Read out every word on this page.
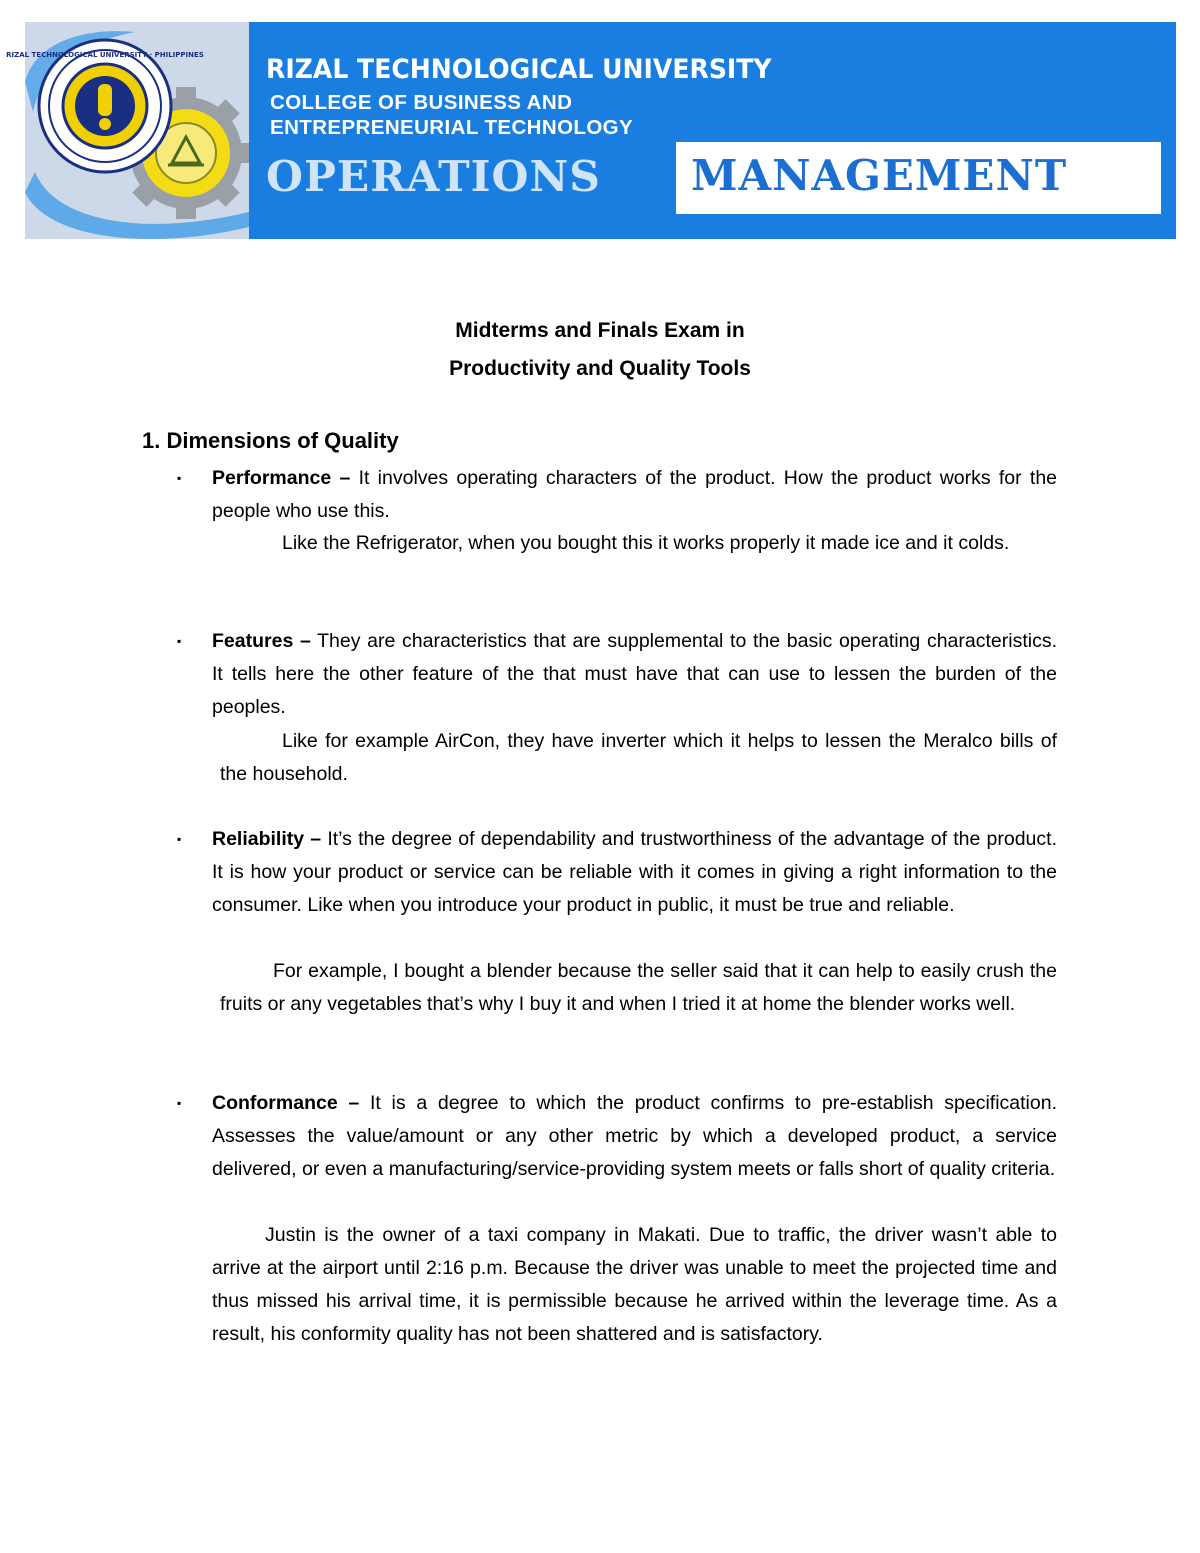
RIZAL TECHNOLOGICAL UNIVERSITY · PHILIPPINES RIZAL TECHNOLOGICAL UNIVERSITY
COLLEGE OF BUSINESS AND
ENTREPRENEURIAL TECHNOLOGY
OPERATIONS MANAGEMENT
Midterms and Finals Exam in
Productivity and Quality Tools
1. Dimensions of Quality
▪ Performance – It involves operating characters of the product. How the product works for the people who use this.
Like the Refrigerator, when you bought this it works properly it made ice and it colds.
▪ Features – They are characteristics that are supplemental to the basic operating characteristics. It tells here the other feature of the that must have that can use to lessen the burden of the peoples.
Like for example AirCon, they have inverter which it helps to lessen the Meralco bills of the household.
▪ Reliability – It’s the degree of dependability and trustworthiness of the advantage of the product. It is how your product or service can be reliable with it comes in giving a right information to the consumer. Like when you introduce your product in public, it must be true and reliable.
For example, I bought a blender because the seller said that it can help to easily crush the fruits or any vegetables that’s why I buy it and when I tried it at home the blender works well.
▪ Conformance – It is a degree to which the product confirms to pre-establish specification. Assesses the value/amount or any other metric by which a developed product, a service delivered, or even a manufacturing/service-providing system meets or falls short of quality criteria.
Justin is the owner of a taxi company in Makati. Due to traffic, the driver wasn’t able to arrive at the airport until 2:16 p.m. Because the driver was unable to meet the projected time and thus missed his arrival time, it is permissible because he arrived within the leverage time. As a result, his conformity quality has not been shattered and is satisfactory.
